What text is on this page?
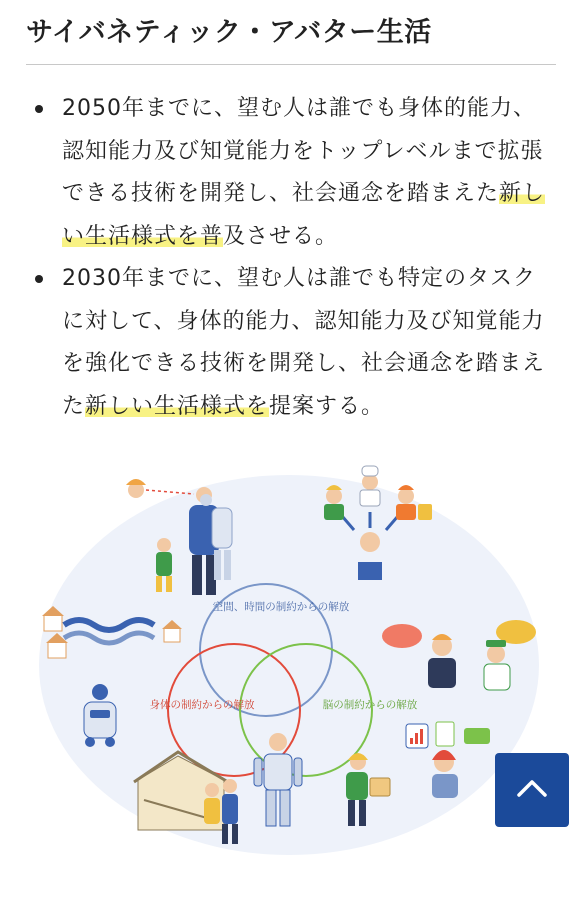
サイバネティック・アバター生活
2050年までに、望む人は誰でも身体的能力、認知能力及び知覚能力をトップレベルまで拡張できる技術を開発し、社会通念を踏まえた新しい生活様式を普及させる。
2030年までに、望む人は誰でも特定のタスクに対して、身体的能力、認知能力及び知覚能力を強化できる技術を開発し、社会通念を踏まえた新しい生活様式を提案する。
空間、時間の制約からの解放
身体の制約からの解放	脳の制約からの解放
